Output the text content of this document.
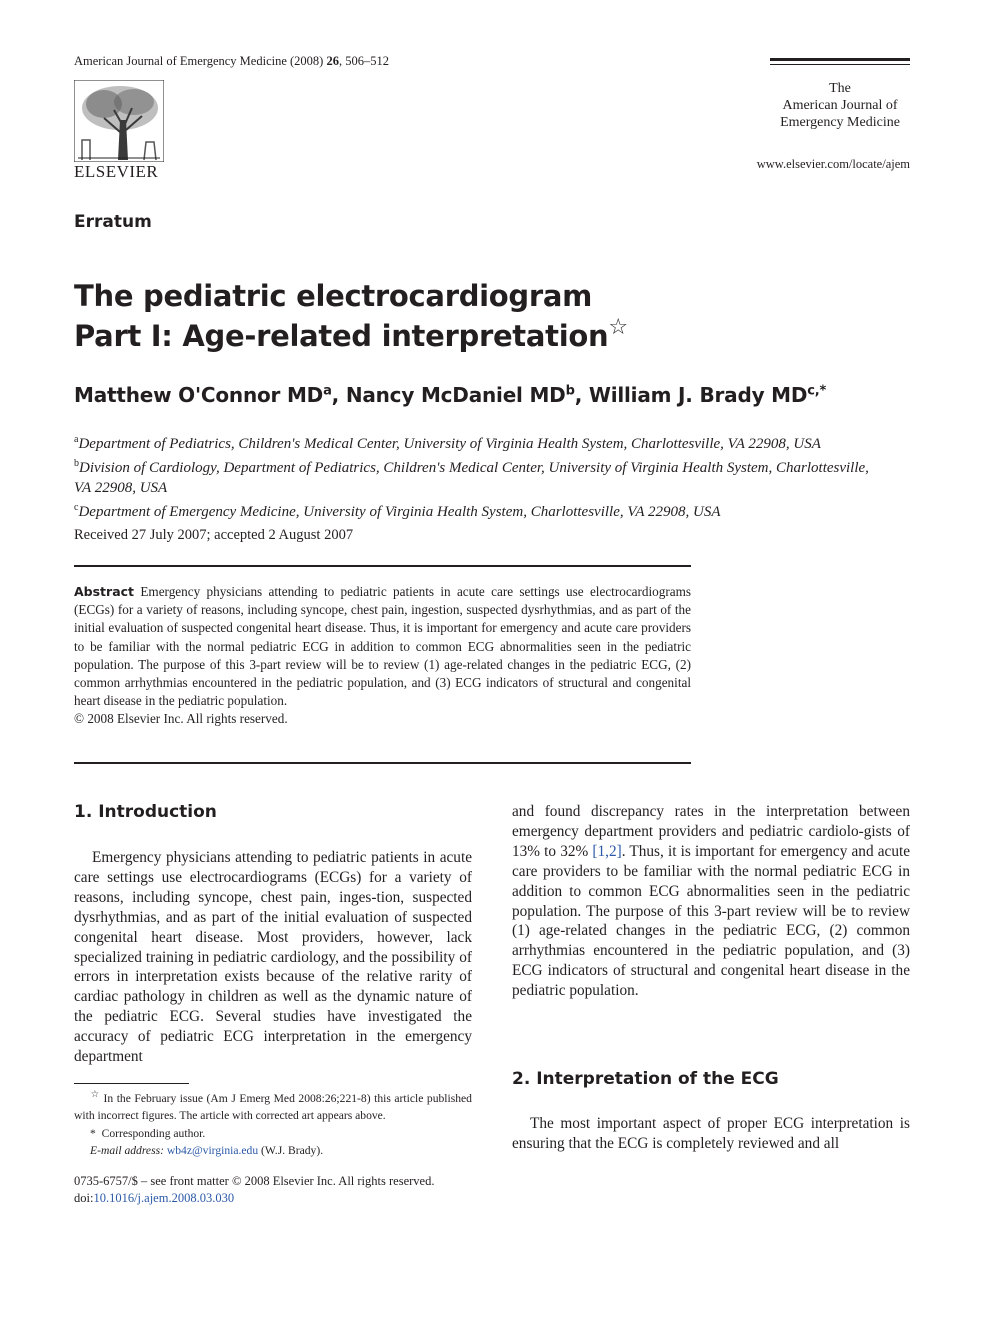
American Journal of Emergency Medicine (2008) 26, 506–512
ELSEVIER
The
American Journal of
Emergency Medicine
www.elsevier.com/locate/ajem
Erratum
The pediatric electrocardiogram
Part I: Age-related interpretation☆
Matthew O'Connor $MD^a$, Nancy McDaniel $MD^b$, William J. Brady $MD^{c,*}$
$^a$Department of Pediatrics, Children's Medical Center, University of Virginia Health System, Charlottesville, VA 22908, USA
$^b$Division of Cardiology, Department of Pediatrics, Children's Medical Center, University of Virginia Health System, Charlottesville, VA 22908, USA
$^c$Department of Emergency Medicine, University of Virginia Health System, Charlottesville, VA 22908, USA
Received 27 July 2007; accepted 2 August 2007
Abstract Emergency physicians attending to pediatric patients in acute care settings use electrocardiograms (ECGs) for a variety of reasons, including syncope, chest pain, ingestion, suspected dysrhythmias, and as part of the initial evaluation of suspected congenital heart disease. Thus, it is important for emergency and acute care providers to be familiar with the normal pediatric ECG in addition to common ECG abnormalities seen in the pediatric population. The purpose of this 3-part review will be to review (1) age-related changes in the pediatric ECG, (2) common arrhythmias encountered in the pediatric population, and (3) ECG indicators of structural and congenital heart disease in the pediatric population.
© 2008 Elsevier Inc. All rights reserved.
1. Introduction
Emergency physicians attending to pediatric patients in acute care settings use electrocardiograms (ECGs) for a variety of reasons, including syncope, chest pain, inges-tion, suspected dysrhythmias, and as part of the initial evaluation of suspected congenital heart disease. Most providers, however, lack specialized training in pediatric cardiology, and the possibility of errors in interpretation exists because of the relative rarity of cardiac pathology in children as well as the dynamic nature of the pediatric ECG. Several studies have investigated the accuracy of pediatric ECG interpretation in the emergency department
and found discrepancy rates in the interpretation between emergency department providers and pediatric cardiolo-gists of 13% to 32% [1,2]. Thus, it is important for emergency and acute care providers to be familiar with the normal pediatric ECG in addition to common ECG abnormalities seen in the pediatric population. The purpose of this 3-part review will be to review (1) age-related changes in the pediatric ECG, (2) common arrhythmias encountered in the pediatric population, and (3) ECG indicators of structural and congenital heart disease in the pediatric population.
2. Interpretation of the ECG
The most important aspect of proper ECG interpretation is ensuring that the ECG is completely reviewed and all
☆ In the February issue (Am J Emerg Med 2008:26;221-8) this article published with incorrect figures. The article with corrected art appears above.
* Corresponding author.
E-mail address: wb4z@virginia.edu (W.J. Brady).
0735-6757/$ – see front matter © 2008 Elsevier Inc. All rights reserved.
doi:10.1016/j.ajem.2008.03.030
